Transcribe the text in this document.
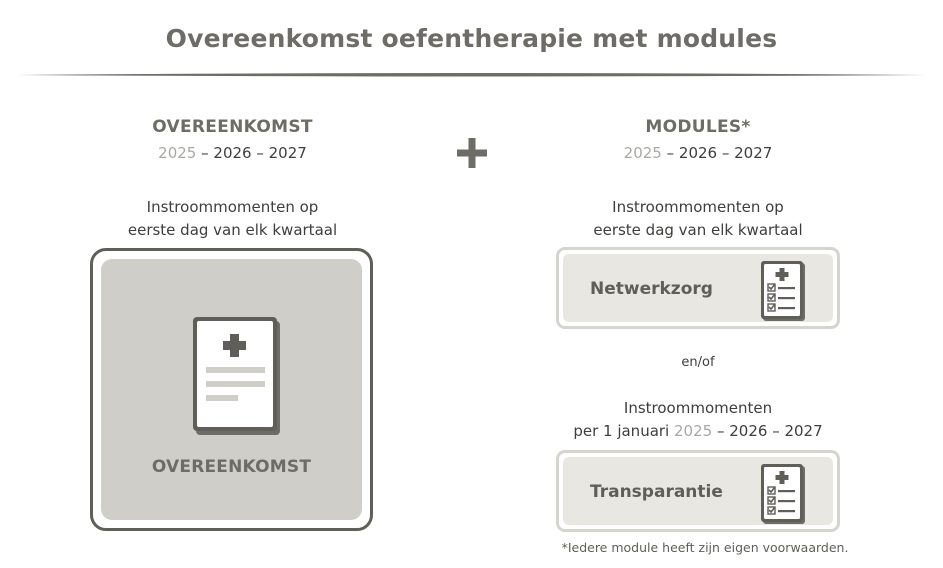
Overeenkomst oefentherapie met modules
OVEREENKOMST
2025 – 2026 – 2027
Instroommomenten op
eerste dag van elk kwartaal
OVEREENKOMST
MODULES*
2025 – 2026 – 2027
Instroommomenten op
eerste dag van elk kwartaal
Netwerkzorg
en/of
Instroommomenten
per 1 januari 2025 – 2026 – 2027
Transparantie
*Iedere module heeft zijn eigen voorwaarden.
